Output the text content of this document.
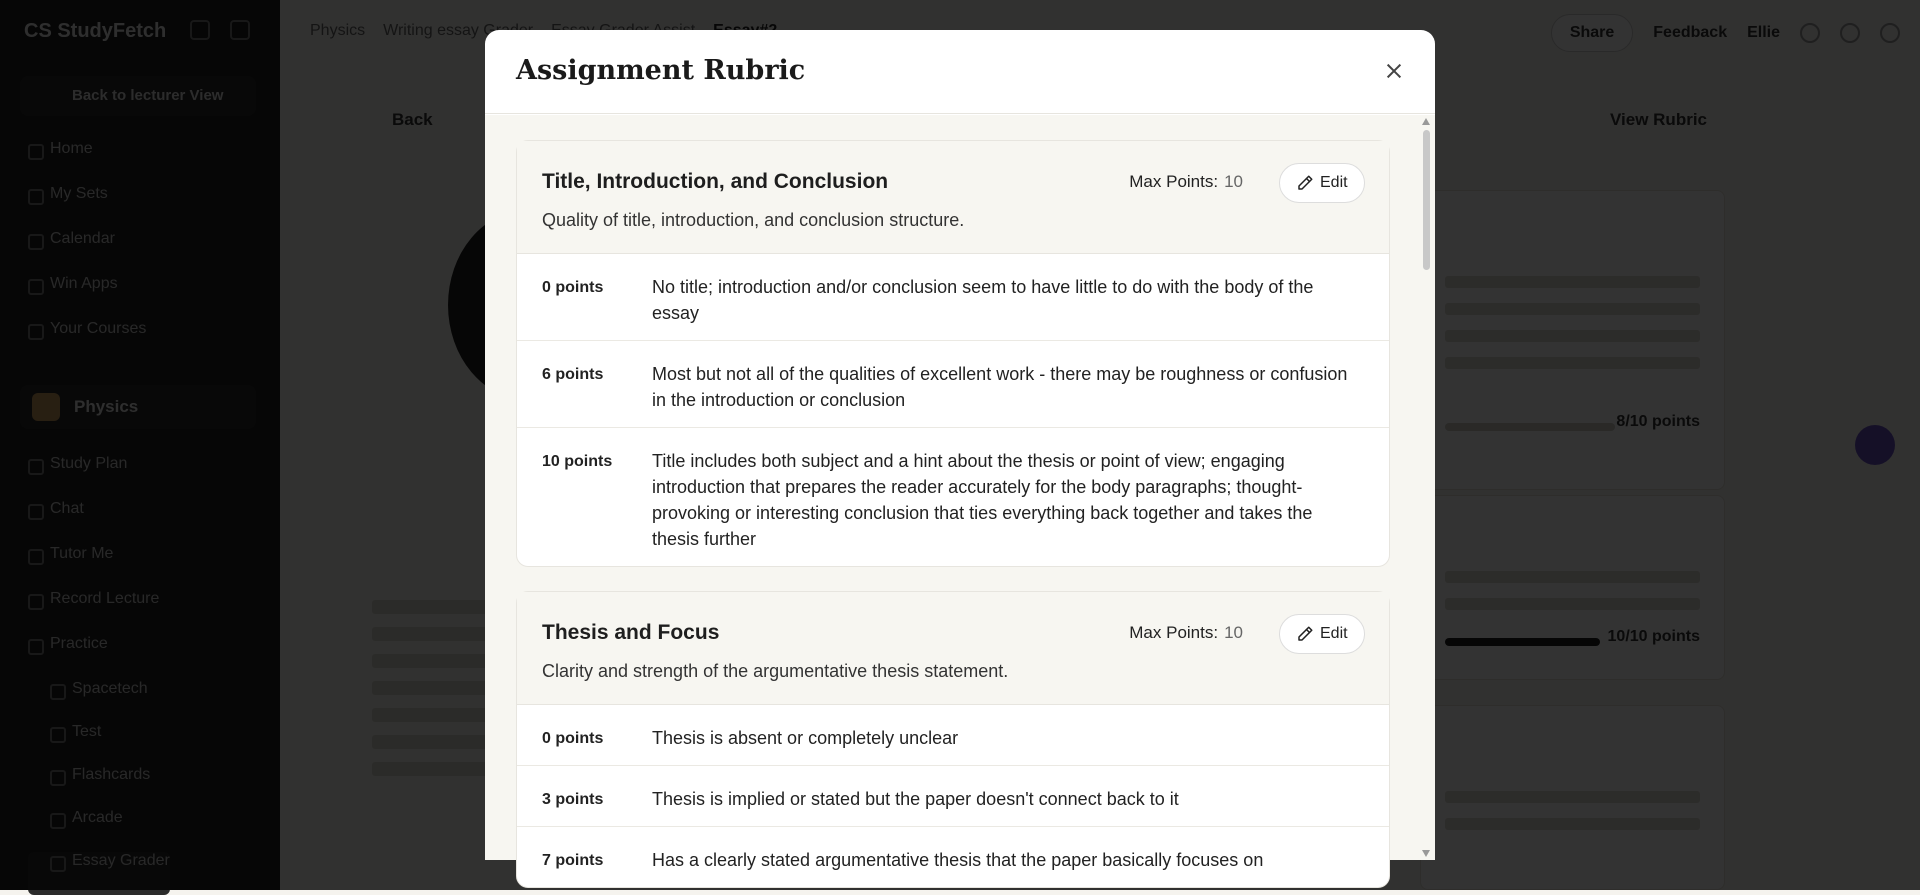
Assignment Rubric
Title, Introduction, and Conclusion	Max Points: 10	Edit
Quality of title, introduction, and conclusion structure.
0 points	No title; introduction and/or conclusion seem to have little to do with the body of the essay
6 points	Most but not all of the qualities of excellent work - there may be roughness or confusion in the introduction or conclusion
10 points Title includes both subject and a hint about the thesis or point of view; engaging introduction that prepares the reader accurately for the body paragraphs; thought-provoking or interesting conclusion that ties everything back together and takes the thesis further
Thesis and Focus	Max Points: 10	Edit
Clarity and strength of the argumentative thesis statement.
0 points	Thesis is absent or completely unclear
3 points	Thesis is implied or stated but the paper doesn't connect back to it
7 points	Has a clearly stated argumentative thesis that the paper basically focuses on
